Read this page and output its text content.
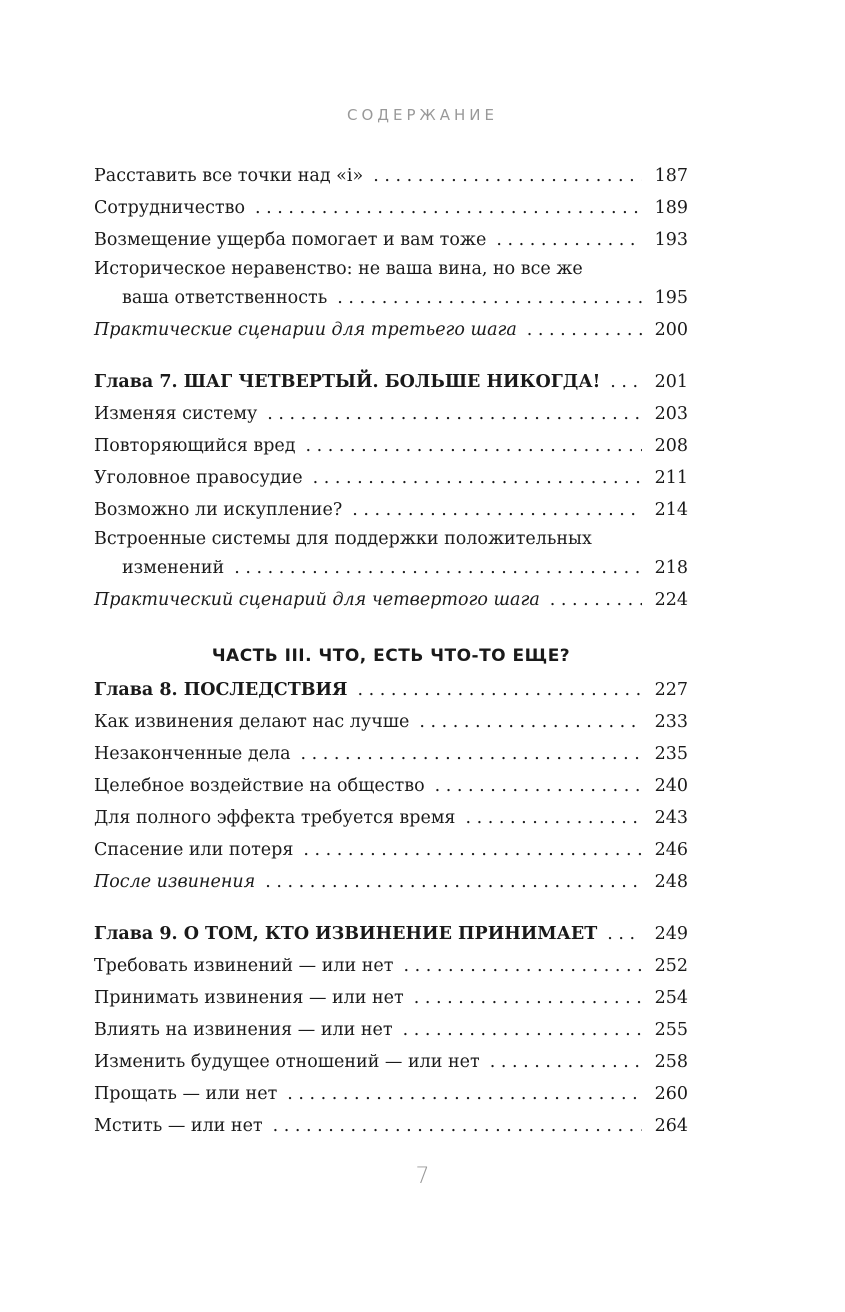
СОДЕРЖАНИЕ
Расставить все точки над «i» . . .	187
Сотрудничество . . .	189
Возмещение ущерба помогает и вам тоже . . .	193
Историческое неравенство: не ваша вина, но все же
ваша ответственность . . .	195
Практические сценарии для третьего шага . . .	200
Глава 7. ШАГ ЧЕТВЕРТЫЙ. БОЛЬШЕ НИКОГДА! . . .	201
Изменяя систему . . .	203
Повторяющийся вред . . .	208
Уголовное правосудие . . .	211
Возможно ли искупление? . . .	214
Встроенные системы для поддержки положительных
изменений . . .	218
Практический сценарий для четвертого шага . . .	224
ЧАСТЬ III. ЧТО, ЕСТЬ ЧТО-ТО ЕЩЕ?
Глава 8. ПОСЛЕДСТВИЯ . . .	227
Как извинения делают нас лучше . . .	233
Незаконченные дела . . .	235
Целебное воздействие на общество . . .	240
Для полного эффекта требуется время . . .	243
Спасение или потеря . . .	246
После извинения . . .	248
Глава 9. О ТОМ, КТО ИЗВИНЕНИЕ ПРИНИМАЕТ . . .	249
Требовать извинений — или нет . . .	252
Принимать извинения — или нет . . .	254
Влиять на извинения — или нет . . .	255
Изменить будущее отношений — или нет . . .	258
Прощать — или нет . . .	260
Мстить — или нет . . .	264
7
